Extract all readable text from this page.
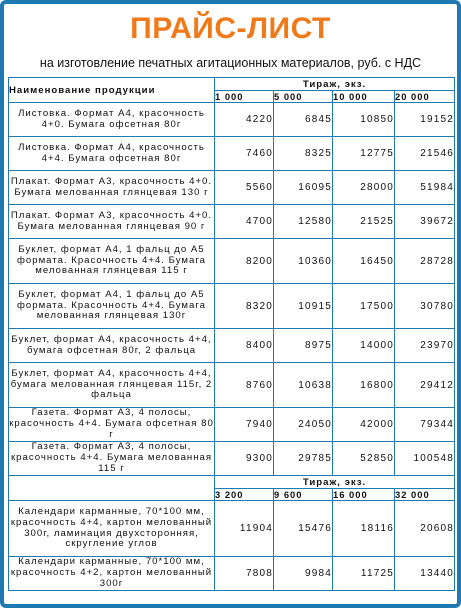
ПРАЙС-ЛИСТ
на изготовление печатных агитационных материалов, руб. с НДС
Наименование продукции	Тираж, экз.			
	1 000	5 000	10 000	20 000
Листовка. Формат А4, красочность 4+0. Бумага офсетная 80г	4220	6845	10850	19152
Листовка. Формат А4, красочность 4+4. Бумага офсетная 80г	7460	8325	12775	21546
Плакат. Формат А3, красочность 4+0. Бумага мелованная глянцевая 130 г	5560	16095	28000	51984
Плакат. Формат А3, красочность 4+0. Бумага мелованная глянцевая 90 г	4700	12580	21525	39672
Буклет, формат А4, 1 фальц до А5 формата. Красочность 4+4. Бумага мелованная глянцевая 115 г	8200	10360	16450	28728
Буклет, формат А4, 1 фальц до А5 формата. Красочность 4+4. Бумага мелованная глянцевая 130г	8320	10915	17500	30780
Буклет, формат А4, красочность 4+4, бумага офсетная 80г, 2 фальца	8400	8975	14000	23970
Буклет, формат А4, красочность 4+4, бумага мелованная глянцевая 115г, 2 фальца	8760	10638	16800	29412
Газета. Формат А3, 4 полосы, красочность 4+4. Бумага офсетная 80 г	7940	24050	42000	79344
Газета. Формат А3, 4 полосы, красочность 4+4. Бумага мелованная 115 г	9300	29785	52850	100548
	Тираж, экз.			
	3 200	9 600	16 000	32 000
Календари карманные, 70*100 мм, красочность 4+4, картон мелованный 300г, ламинация двухсторонняя, скругление углов	11904	15476	18116	20608
Календари карманные, 70*100 мм, красочность 4+2, картон мелованный 300г	7808	9984	11725	13440
